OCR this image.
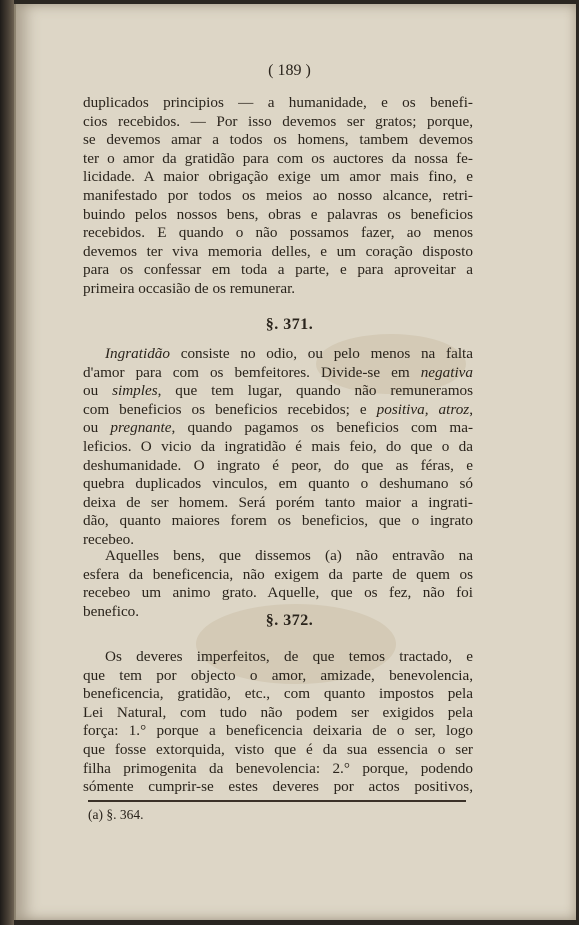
( 189 )
duplicados principios — a humanidade, e os benefi-
cios recebidos. — Por isso devemos ser gratos; porque,
se devemos amar a todos os homens, tambem devemos
ter o amor da gratidão para com os auctores da nossa fe-
licidade. A maior obrigação exige um amor mais fino, e
manifestado por todos os meios ao nosso alcance, retri-
buindo pelos nossos bens, obras e palavras os beneficios
recebidos. E quando o não possamos fazer, ao menos
devemos ter viva memoria delles, e um coração disposto
para os confessar em toda a parte, e para aproveitar a
primeira occasião de os remunerar.
§. 371.
Ingratidão consiste no odio, ou pelo menos na falta
d'amor para com os bemfeitores. Divide-se em negativa
ou simples, que tem lugar, quando não remuneramos
com beneficios os beneficios recebidos; e positiva, atroz,
ou pregnante, quando pagamos os beneficios com ma-
leficios. O vicio da ingratidão é mais feio, do que o da
deshumanidade. O ingrato é peor, do que as féras, e
quebra duplicados vinculos, em quanto o deshumano só
deixa de ser homem. Será porém tanto maior a ingrati-
dão, quanto maiores forem os beneficios, que o ingrato
recebeo.
Aquelles bens, que dissemos (a) não entravão na
esfera da beneficencia, não exigem da parte de quem os
recebeo um animo grato. Aquelle, que os fez, não foi
benefico.
§. 372.
Os deveres imperfeitos, de que temos tractado, e
que tem por objecto o amor, amizade, benevolencia,
beneficencia, gratidão, etc., com quanto impostos pela
Lei Natural, com tudo não podem ser exigidos pela
força: 1.° porque a beneficencia deixaria de o ser, logo
que fosse extorquida, visto que é da sua essencia o ser
filha primogenita da benevolencia: 2.° porque, podendo
sómente cumprir-se estes deveres por actos positivos,
(a) §. 364.
